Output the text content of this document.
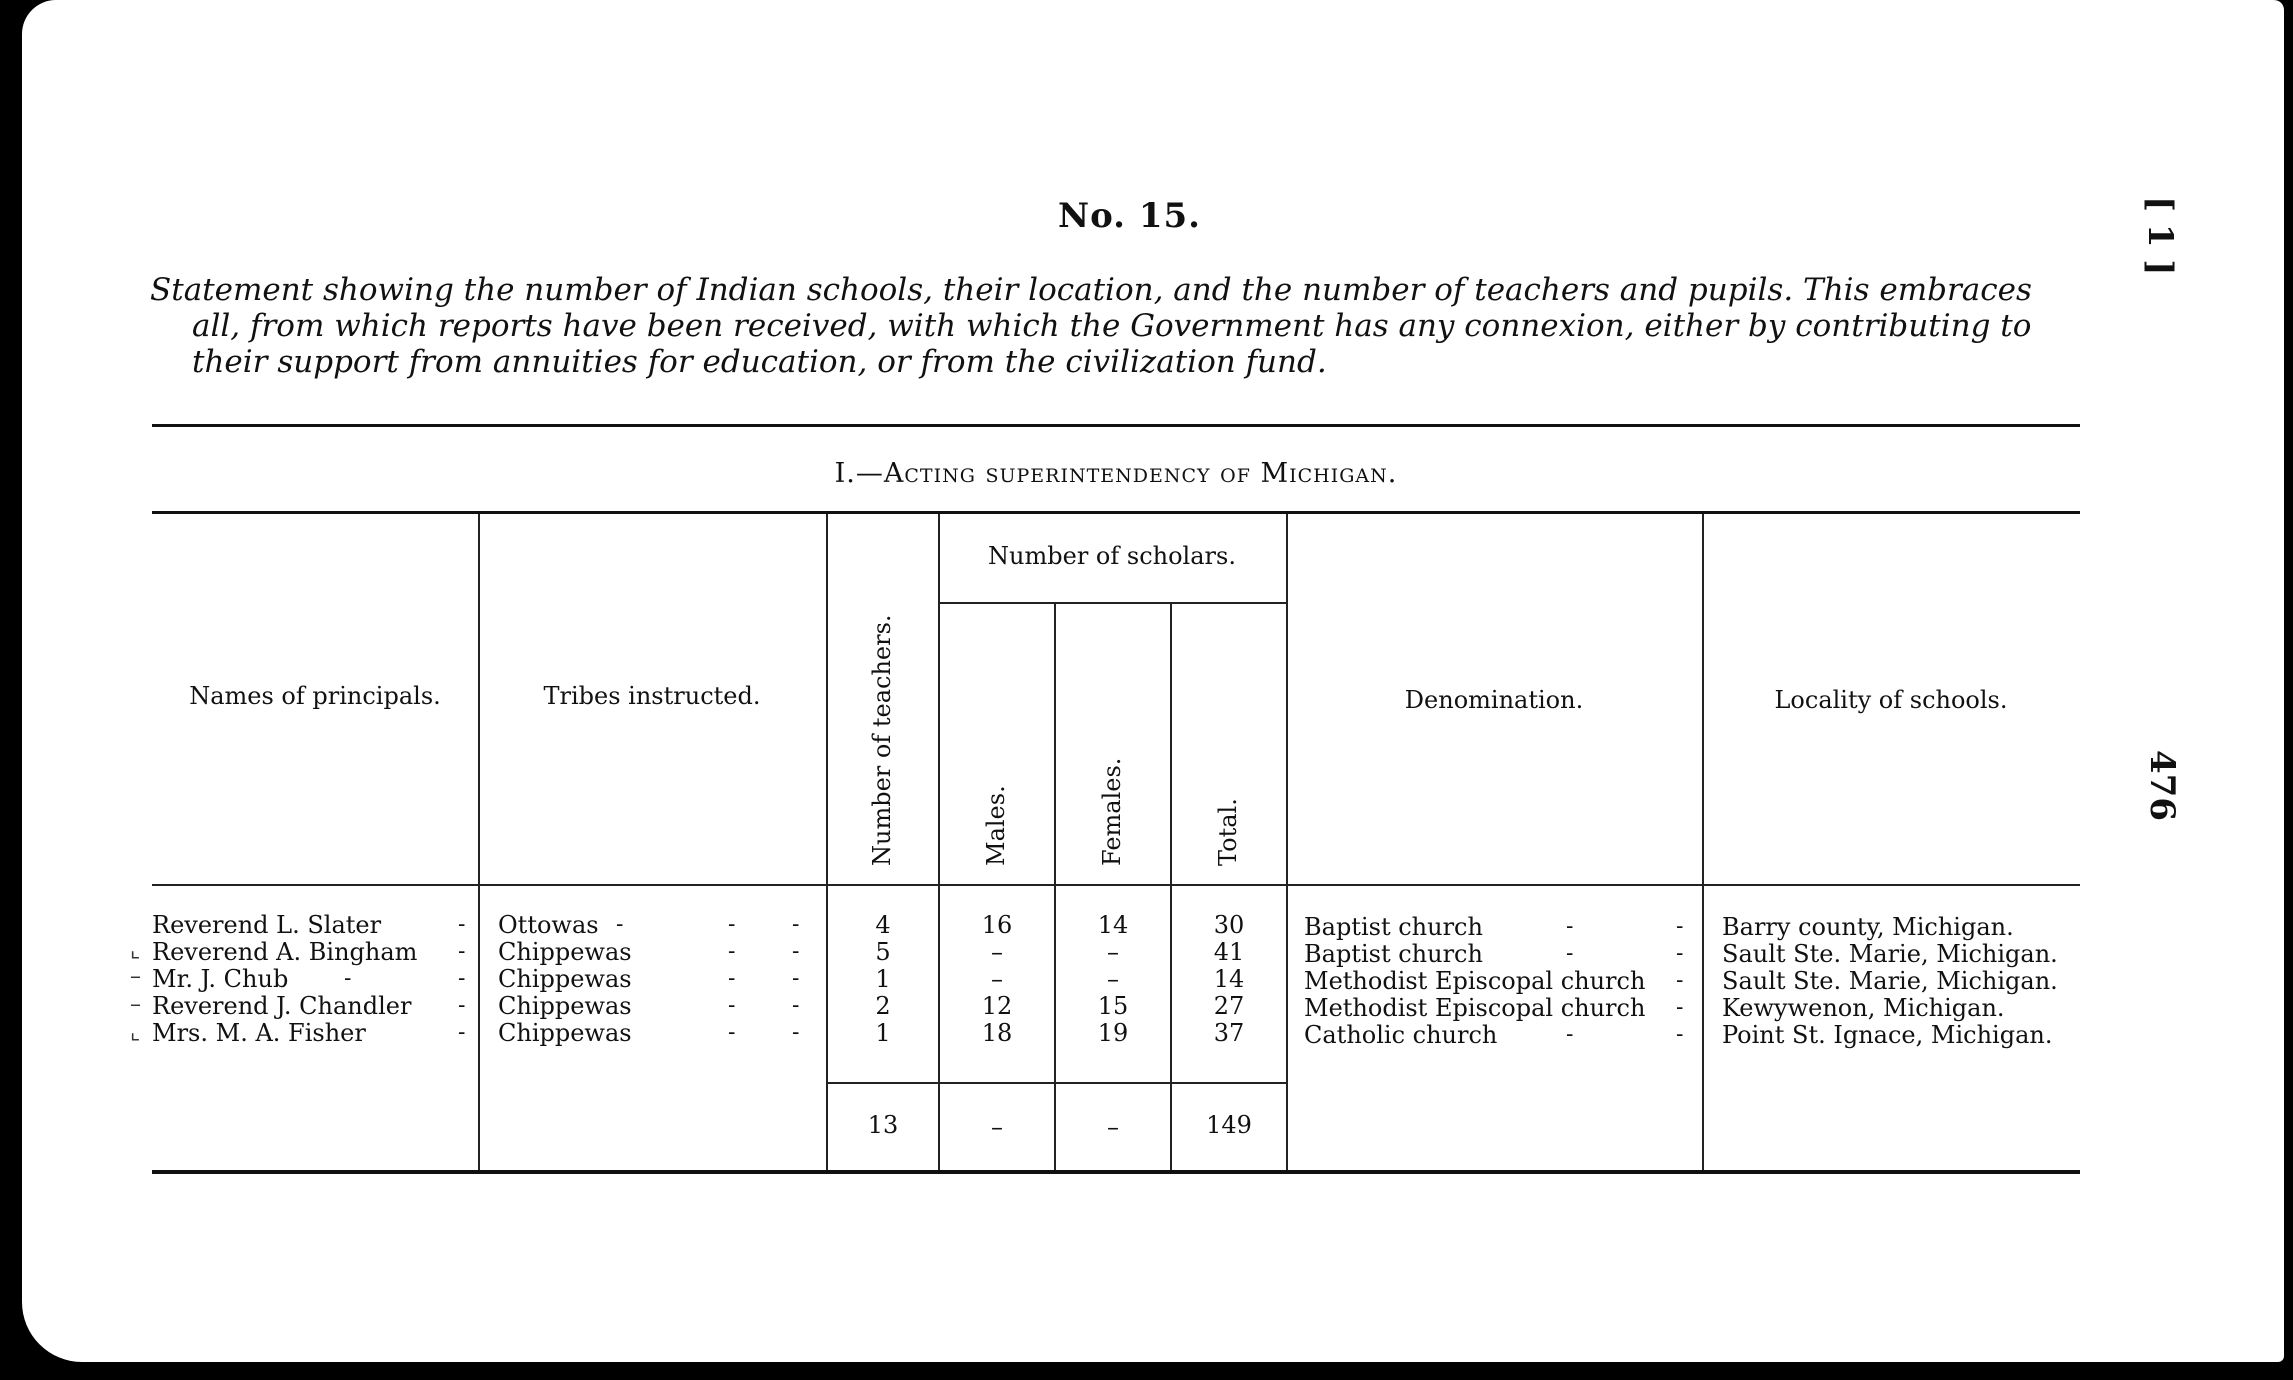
No. 15.

Statement showing the number of Indian schools, their location, and the number of teachers and pupils. This embraces
all, from which reports have been received, with which the Government has any connexion, either by contributing to
their support from annuities for education, or from the civilization fund.

[ 1 ]
476
I.—Acting superintendency of Michigan.
Names of principals.	Tribes instructed.	Number of teachers.
Number of scholars.
Males.	Females.	Total.
Denomination.	Locality of schools.
⌞
–
–
⌞
Reverend L. Slater	- Ottowas -	-	-	4	16	14	30	Baptist church	-	- Barry county, Michigan.
Reverend A. Bingham - Chippewas	-	-	5	–	–	41	Baptist church	-	- Sault Ste. Marie, Michigan.
Mr. J. Chub	-	- Chippewas	-	-	1	–	–	14	Methodist Episcopal church - Sault Ste. Marie, Michigan.
Reverend J. Chandler - Chippewas	-	-	2	12	15	27	Methodist Episcopal church - Kewywenon, Michigan.
Mrs. M. A. Fisher	- Chippewas	-	-	1	18	19	37	Catholic church	-	- Point St. Ignace, Michigan.
13	–	–	149
